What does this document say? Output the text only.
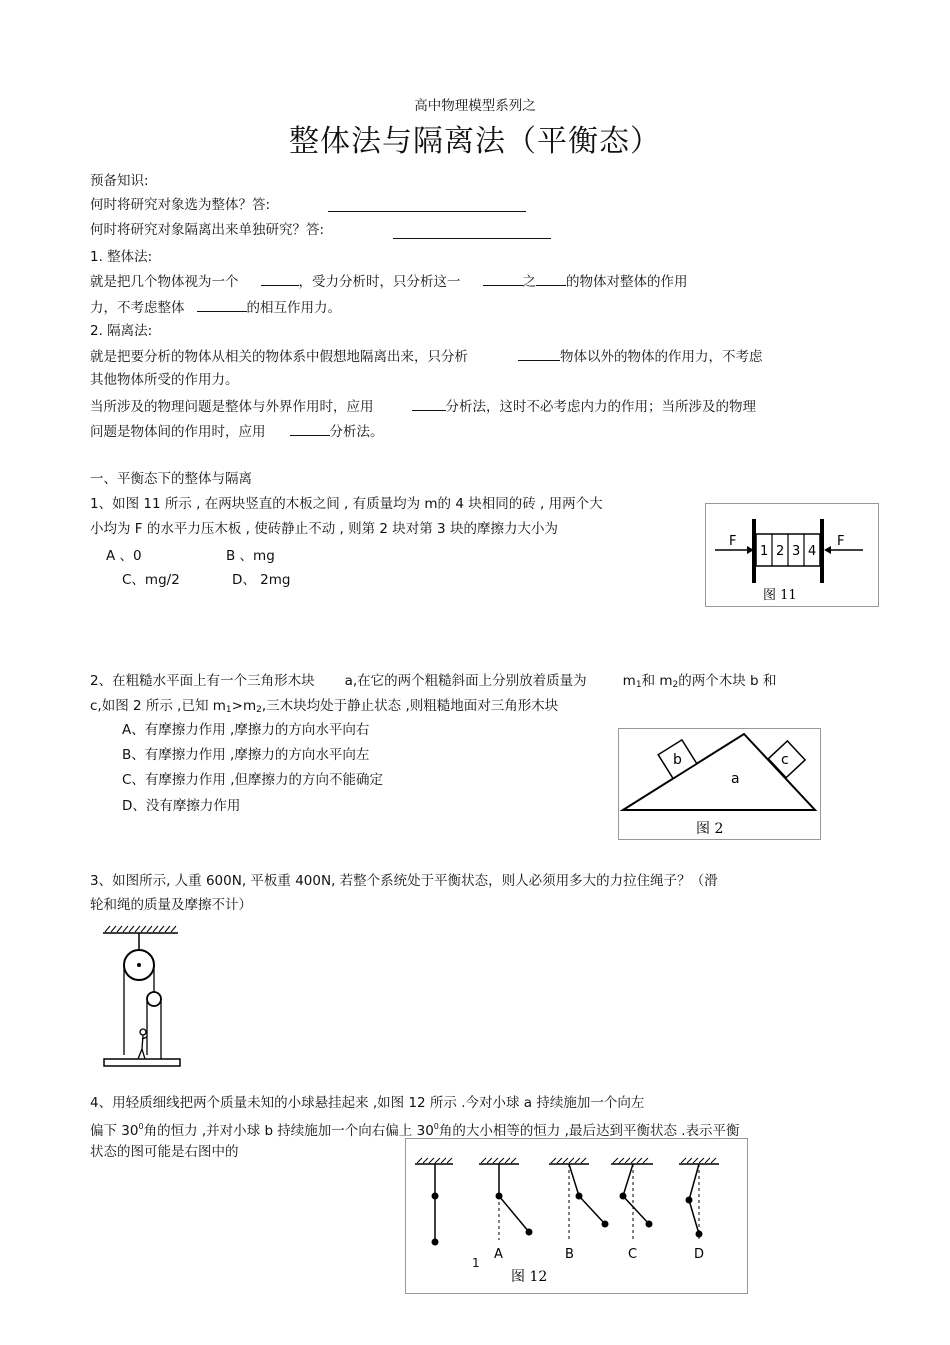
高中物理模型系列之
整体法与隔离法（平衡态）
预备知识:
何时将研究对象选为整体？答:
何时将研究对象隔离出来单独研究？答:
1. 整体法:
就是把几个物体视为一个	，受力分析时，只分析这一	之 的物体对整体的作用
力，不考虑整体	的相互作用力。
2. 隔离法:
就是把要分析的物体从相关的物体系中假想地隔离出来，只分析	物体以外的物体的作用力，不考虑
其他物体所受的作用力。
当所涉及的物理问题是整体与外界作用时，应用	分析法，这时不必考虑内力的作用；当所涉及的物理
问题是物体间的作用时，应用	分析法。
一、平衡态下的整体与隔离
1、如图 11 所示 , 在两块竖直的木板之间 , 有质量均为 m的 4 块相同的砖 , 用两个大
小均为 F 的水平力压木板 , 使砖静止不动 , 则第 2 块对第 3 块的摩擦力大小为
A 、0	B 、mg
C、mg/2	D、 2mg
F
1 2 3 4
F
图 11
2、在粗糙水平面上有一个三角形木块 a,在它的两个粗糙斜面上分别放着质量为	$m_1$和 $m_2$的两个木块 b 和
c,如图 2 所示 ,已知 $m_1>m_2$,三木块均处于静止状态 ,则粗糙地面对三角形木块
A、有摩擦力作用 ,摩擦力的方向水平向右
B、有摩擦力作用 ,摩擦力的方向水平向左
C、有摩擦力作用 ,但摩擦力的方向不能确定
D、没有摩擦力作用
a
b	c
图 2
3、如图所示, 人重 600N, 平板重 400N, 若整个系统处于平衡状态，则人必须用多大的力拉住绳子？（滑
轮和绳的质量及摩擦不计）
4、用轻质细线把两个质量未知的小球悬挂起来 ,如图 12 所示 .今对小球 a 持续施加一个向左
偏下 $30^0$角的恒力 ,并对小球 b 持续施加一个向右偏上 $30^0$角的大小相等的恒力 ,最后达到平衡状态 .表示平衡
状态的图可能是右图中的
A	B	C	D
图 12
1
